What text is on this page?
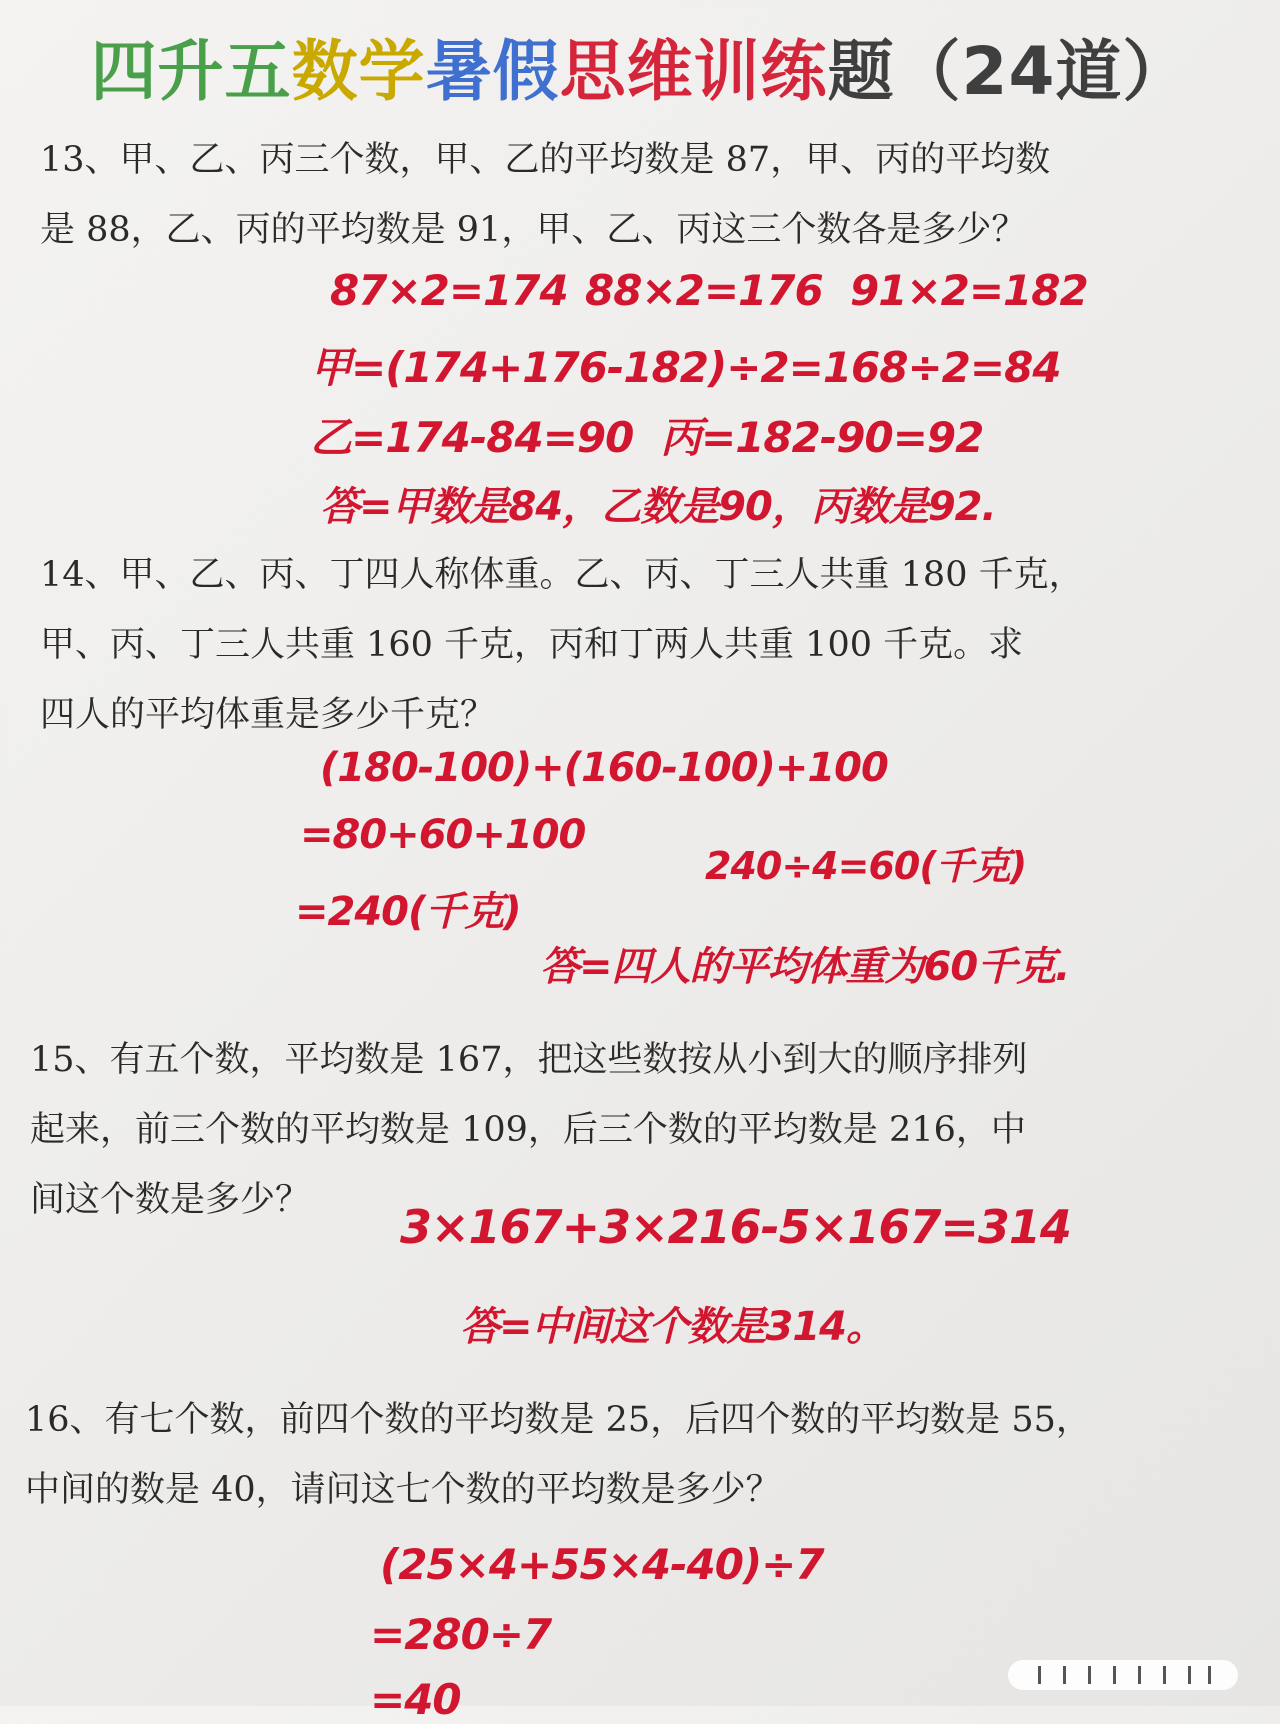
四升五数学暑假思维训练题（24道）
13、甲、乙、丙三个数，甲、乙的平均数是 87，甲、丙的平均数
是 88，乙、丙的平均数是 91，甲、乙、丙这三个数各是多少？
87×2=174 88×2=176 91×2=182
甲=(174+176-182)÷2=168÷2=84
乙=174-84=90 丙=182-90=92
答=甲数是84，乙数是90，丙数是92.
14、甲、乙、丙、丁四人称体重。乙、丙、丁三人共重 180 千克，
甲、丙、丁三人共重 160 千克，丙和丁两人共重 100 千克。求
四人的平均体重是多少千克？
(180-100)+(160-100)+100
=80+60+100
240÷4=60(千克)
=240(千克)
答=四人的平均体重为60千克.
15、有五个数，平均数是 167，把这些数按从小到大的顺序排列
起来，前三个数的平均数是 109，后三个数的平均数是 216，中
间这个数是多少？	3×167+3×216-5×167=314
答=中间这个数是314。
16、有七个数，前四个数的平均数是 25，后四个数的平均数是 55，
中间的数是 40，请问这七个数的平均数是多少？
(25×4+55×4-40)÷7
=280÷7
=40
